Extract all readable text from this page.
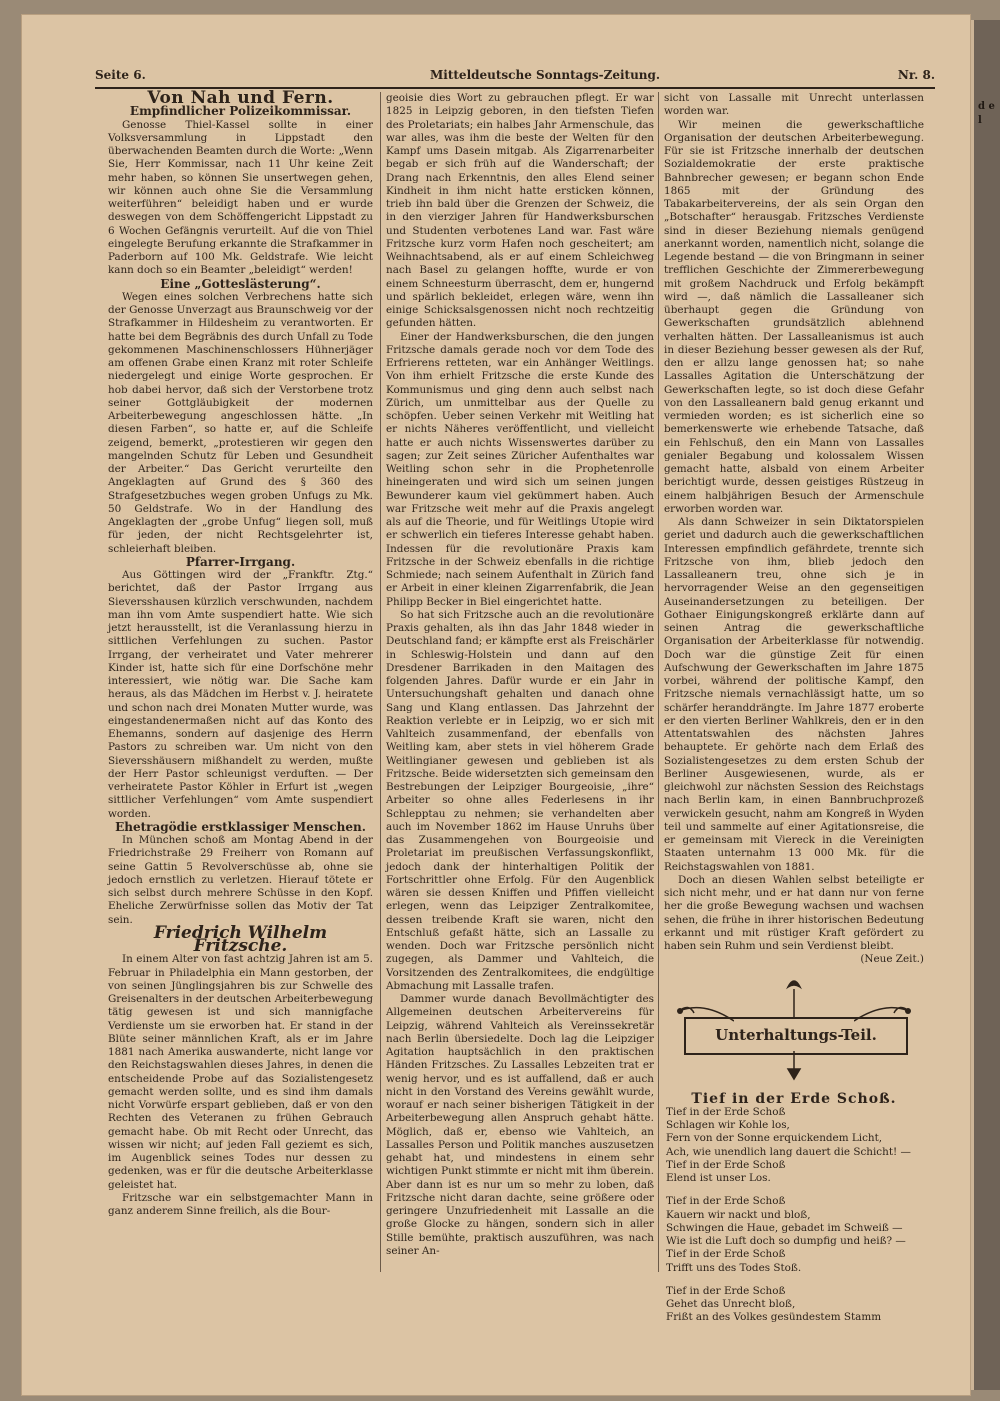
d e l
Seite 6.	Mitteldeutsche Sonntags-Zeitung.	Nr. 8.

Von Nah und Fern.

Empfindlicher Polizeikommissar.

Genosse Thiel-Kassel sollte in einer Volksversammlung in Lippstadt den überwachenden Beamten durch die Worte: „Wenn Sie, Herr Kommissar, nach 11 Uhr keine Zeit mehr haben, so können Sie unsertwegen gehen, wir können auch ohne Sie die Versammlung weiterführen“ beleidigt haben und er wurde deswegen von dem Schöffengericht Lippstadt zu 6 Wochen Gefängnis verurteilt. Auf die von Thiel eingelegte Berufung erkannte die Strafkammer in Paderborn auf 100 Mk. Geldstrafe. Wie leicht kann doch so ein Beamter „beleidigt“ werden!

Eine „Gotteslästerung“.

Wegen eines solchen Verbrechens hatte sich der Genosse Unverzagt aus Braunschweig vor der Strafkammer in Hildesheim zu verantworten. Er hatte bei dem Begräbnis des durch Unfall zu Tode gekommenen Maschinenschlossers Hühnerjäger am offenen Grabe einen Kranz mit roter Schleife niedergelegt und einige Worte gesprochen. Er hob dabei hervor, daß sich der Verstorbene trotz seiner Gottgläubigkeit der modernen Arbeiterbewegung angeschlossen hätte. „In diesen Farben“, so hatte er, auf die Schleife zeigend, bemerkt, „protestieren wir gegen den mangelnden Schutz für Leben und Gesundheit der Arbeiter.“ Das Gericht verurteilte den Angeklagten auf Grund des § 360 des Strafgesetzbuches wegen groben Unfugs zu Mk. 50 Geldstrafe. Wo in der Handlung des Angeklagten der „grobe Unfug“ liegen soll, muß für jeden, der nicht Rechtsgelehrter ist, schleierhaft bleiben.

Pfarrer-Irrgang.

Aus Göttingen wird der „Frankftr. Ztg.“ berichtet, daß der Pastor Irrgang aus Sieversshausen kürzlich verschwunden, nachdem man ihn vom Amte suspendiert hatte. Wie sich jetzt herausstellt, ist die Veranlassung hierzu in sittlichen Verfehlungen zu suchen. Pastor Irrgang, der verheiratet und Vater mehrerer Kinder ist, hatte sich für eine Dorfschöne mehr interessiert, wie nötig war. Die Sache kam heraus, als das Mädchen im Herbst v. J. heiratete und schon nach drei Monaten Mutter wurde, was eingestandenermaßen nicht auf das Konto des Ehemanns, sondern auf dasjenige des Herrn Pastors zu schreiben war. Um nicht von den Sieversshäusern mißhandelt zu werden, mußte der Herr Pastor schleunigst verduften. — Der verheiratete Pastor Köhler in Erfurt ist „wegen sittlicher Verfehlungen“ vom Amte suspendiert worden.

Ehetragödie erstklassiger Menschen.

In München schoß am Montag Abend in der Friedrichstraße 29 Freiherr von Romann auf seine Gattin 5 Revolverschüsse ab, ohne sie jedoch ernstlich zu verletzen. Hierauf tötete er sich selbst durch mehrere Schüsse in den Kopf. Eheliche Zerwürfnisse sollen das Motiv der Tat sein.

Friedrich Wilhelm Fritzsche.

In einem Alter von fast achtzig Jahren ist am 5. Februar in Philadelphia ein Mann gestorben, der von seinen Jünglingsjahren bis zur Schwelle des Greisenalters in der deutschen Arbeiterbewegung tätig gewesen ist und sich mannigfache Verdienste um sie erworben hat. Er stand in der Blüte seiner männlichen Kraft, als er im Jahre 1881 nach Amerika auswanderte, nicht lange vor den Reichstagswahlen dieses Jahres, in denen die entscheidende Probe auf das Sozialistengesetz gemacht werden sollte, und es sind ihm damals nicht Vorwürfe erspart geblieben, daß er von den Rechten des Veteranen zu frühen Gebrauch gemacht habe. Ob mit Recht oder Unrecht, das wissen wir nicht; auf jeden Fall geziemt es sich, im Augenblick seines Todes nur dessen zu gedenken, was er für die deutsche Arbeiterklasse geleistet hat.

Fritzsche war ein selbstgemachter Mann in ganz anderem Sinne freilich, als die Bour-

geoisie dies Wort zu gebrauchen pflegt. Er war 1825 in Leipzig geboren, in den tiefsten Tiefen des Proletariats; ein halbes Jahr Armenschule, das war alles, was ihm die beste der Welten für den Kampf ums Dasein mitgab. Als Zigarrenarbeiter begab er sich früh auf die Wanderschaft; der Drang nach Erkenntnis, den alles Elend seiner Kindheit in ihm nicht hatte ersticken können, trieb ihn bald über die Grenzen der Schweiz, die in den vierziger Jahren für Handwerksburschen und Studenten verbotenes Land war. Fast wäre Fritzsche kurz vorm Hafen noch gescheitert; am Weihnachtsabend, als er auf einem Schleichweg nach Basel zu gelangen hoffte, wurde er von einem Schneesturm überrascht, dem er, hungernd und spärlich bekleidet, erlegen wäre, wenn ihn einige Schicksalsgenossen nicht noch rechtzeitig gefunden hätten.

Einer der Handwerksburschen, die den jungen Fritzsche damals gerade noch vor dem Tode des Erfrierens retteten, war ein Anhänger Weitlings. Von ihm erhielt Fritzsche die erste Kunde des Kommunismus und ging denn auch selbst nach Zürich, um unmittelbar aus der Quelle zu schöpfen. Ueber seinen Verkehr mit Weitling hat er nichts Näheres veröffentlicht, und vielleicht hatte er auch nichts Wissenswertes darüber zu sagen; zur Zeit seines Züricher Aufenthaltes war Weitling schon sehr in die Prophetenrolle hineingeraten und wird sich um seinen jungen Bewunderer kaum viel gekümmert haben. Auch war Fritzsche weit mehr auf die Praxis angelegt als auf die Theorie, und für Weitlings Utopie wird er schwerlich ein tieferes Interesse gehabt haben. Indessen für die revolutionäre Praxis kam Fritzsche in der Schweiz ebenfalls in die richtige Schmiede; nach seinem Aufenthalt in Zürich fand er Arbeit in einer kleinen Zigarrenfabrik, die Jean Philipp Becker in Biel eingerichtet hatte.

So hat sich Fritzsche auch an die revolutionäre Praxis gehalten, als ihn das Jahr 1848 wieder in Deutschland fand; er kämpfte erst als Freischärler in Schleswig-Holstein und dann auf den Dresdener Barrikaden in den Maitagen des folgenden Jahres. Dafür wurde er ein Jahr in Untersuchungshaft gehalten und danach ohne Sang und Klang entlassen. Das Jahrzehnt der Reaktion verlebte er in Leipzig, wo er sich mit Vahlteich zusammenfand, der ebenfalls von Weitling kam, aber stets in viel höherem Grade Weitlingianer gewesen und geblieben ist als Fritzsche. Beide widersetzten sich gemeinsam den Bestrebungen der Leipziger Bourgeoisie, „ihre“ Arbeiter so ohne alles Federlesens in ihr Schlepptau zu nehmen; sie verhandelten aber auch im November 1862 im Hause Unruhs über das Zusammengehen von Bourgeoisie und Proletariat im preußischen Verfassungskonflikt, jedoch dank der hinterhaltigen Politik der Fortschrittler ohne Erfolg. Für den Augenblick wären sie dessen Kniffen und Pfiffen vielleicht erlegen, wenn das Leipziger Zentralkomitee, dessen treibende Kraft sie waren, nicht den Entschluß gefaßt hätte, sich an Lassalle zu wenden. Doch war Fritzsche persönlich nicht zugegen, als Dammer und Vahlteich, die Vorsitzenden des Zentralkomitees, die endgültige Abmachung mit Lassalle trafen.

Dammer wurde danach Bevollmächtigter des Allgemeinen deutschen Arbeitervereins für Leipzig, während Vahlteich als Vereinssekretär nach Berlin übersiedelte. Doch lag die Leipziger Agitation hauptsächlich in den praktischen Händen Fritzsches. Zu Lassalles Lebzeiten trat er wenig hervor, und es ist auffallend, daß er auch nicht in den Vorstand des Vereins gewählt wurde, worauf er nach seiner bisherigen Tätigkeit in der Arbeiterbewegung allen Anspruch gehabt hätte. Möglich, daß er, ebenso wie Vahlteich, an Lassalles Person und Politik manches auszusetzen gehabt hat, und mindestens in einem sehr wichtigen Punkt stimmte er nicht mit ihm überein. Aber dann ist es nur um so mehr zu loben, daß Fritzsche nicht daran dachte, seine größere oder geringere Unzufriedenheit mit Lassalle an die große Glocke zu hängen, sondern sich in aller Stille bemühte, praktisch auszuführen, was nach seiner An-

sicht von Lassalle mit Unrecht unterlassen worden war.

Wir meinen die gewerkschaftliche Organisation der deutschen Arbeiterbewegung. Für sie ist Fritzsche innerhalb der deutschen Sozialdemokratie der erste praktische Bahnbrecher gewesen; er begann schon Ende 1865 mit der Gründung des Tabakarbeitervereins, der als sein Organ den „Botschafter“ herausgab. Fritzsches Verdienste sind in dieser Beziehung niemals genügend anerkannt worden, namentlich nicht, solange die Legende bestand — die von Bringmann in seiner trefflichen Geschichte der Zimmererbewegung mit großem Nachdruck und Erfolg bekämpft wird —, daß nämlich die Lassalleaner sich überhaupt gegen die Gründung von Gewerkschaften grundsätzlich ablehnend verhalten hätten. Der Lassalleanismus ist auch in dieser Beziehung besser gewesen als der Ruf, den er allzu lange genossen hat; so nahe Lassalles Agitation die Unterschätzung der Gewerkschaften legte, so ist doch diese Gefahr von den Lassalleanern bald genug erkannt und vermieden worden; es ist sicherlich eine so bemerkenswerte wie erhebende Tatsache, daß ein Fehlschuß, den ein Mann von Lassalles genialer Begabung und kolossalem Wissen gemacht hatte, alsbald von einem Arbeiter berichtigt wurde, dessen geistiges Rüstzeug in einem halbjährigen Besuch der Armenschule erworben worden war.

Als dann Schweizer in sein Diktatorspielen geriet und dadurch auch die gewerkschaftlichen Interessen empfindlich gefährdete, trennte sich Fritzsche von ihm, blieb jedoch den Lassalleanern treu, ohne sich je in hervorragender Weise an den gegenseitigen Auseinandersetzungen zu beteiligen. Der Gothaer Einigungskongreß erklärte dann auf seinen Antrag die gewerkschaftliche Organisation der Arbeiterklasse für notwendig. Doch war die günstige Zeit für einen Aufschwung der Gewerkschaften im Jahre 1875 vorbei, während der politische Kampf, den Fritzsche niemals vernachlässigt hatte, um so schärfer heranddrängte. Im Jahre 1877 eroberte er den vierten Berliner Wahlkreis, den er in den Attentatswahlen des nächsten Jahres behauptete. Er gehörte nach dem Erlaß des Sozialistengesetzes zu dem ersten Schub der Berliner Ausgewiesenen, wurde, als er gleichwohl zur nächsten Session des Reichstags nach Berlin kam, in einen Bannbruchprozeß verwickeln gesucht, nahm am Kongreß in Wyden teil und sammelte auf einer Agitationsreise, die er gemeinsam mit Viereck in die Vereinigten Staaten unternahm 13 000 Mk. für die Reichstagswahlen von 1881.

Doch an diesen Wahlen selbst beteiligte er sich nicht mehr, und er hat dann nur von ferne her die große Bewegung wachsen und wachsen sehen, die frühe in ihrer historischen Bedeutung erkannt und mit rüstiger Kraft gefördert zu haben sein Ruhm und sein Verdienst bleibt.

(Neue Zeit.)

Unterhaltungs-Teil.

Tief in der Erde Schoß.

Tief in der Erde Schoß
Schlagen wir Kohle los,
Fern von der Sonne erquickendem Licht,
Ach, wie unendlich lang dauert die Schicht! —
Tief in der Erde Schoß
Elend ist unser Los.
Tief in der Erde Schoß
Kauern wir nackt und bloß,
Schwingen die Haue, gebadet im Schweiß —
Wie ist die Luft doch so dumpfig und heiß? —
Tief in der Erde Schoß
Trifft uns des Todes Stoß.
Tief in der Erde Schoß
Gehet das Unrecht bloß,
Frißt an des Volkes gesündestem Stamm
